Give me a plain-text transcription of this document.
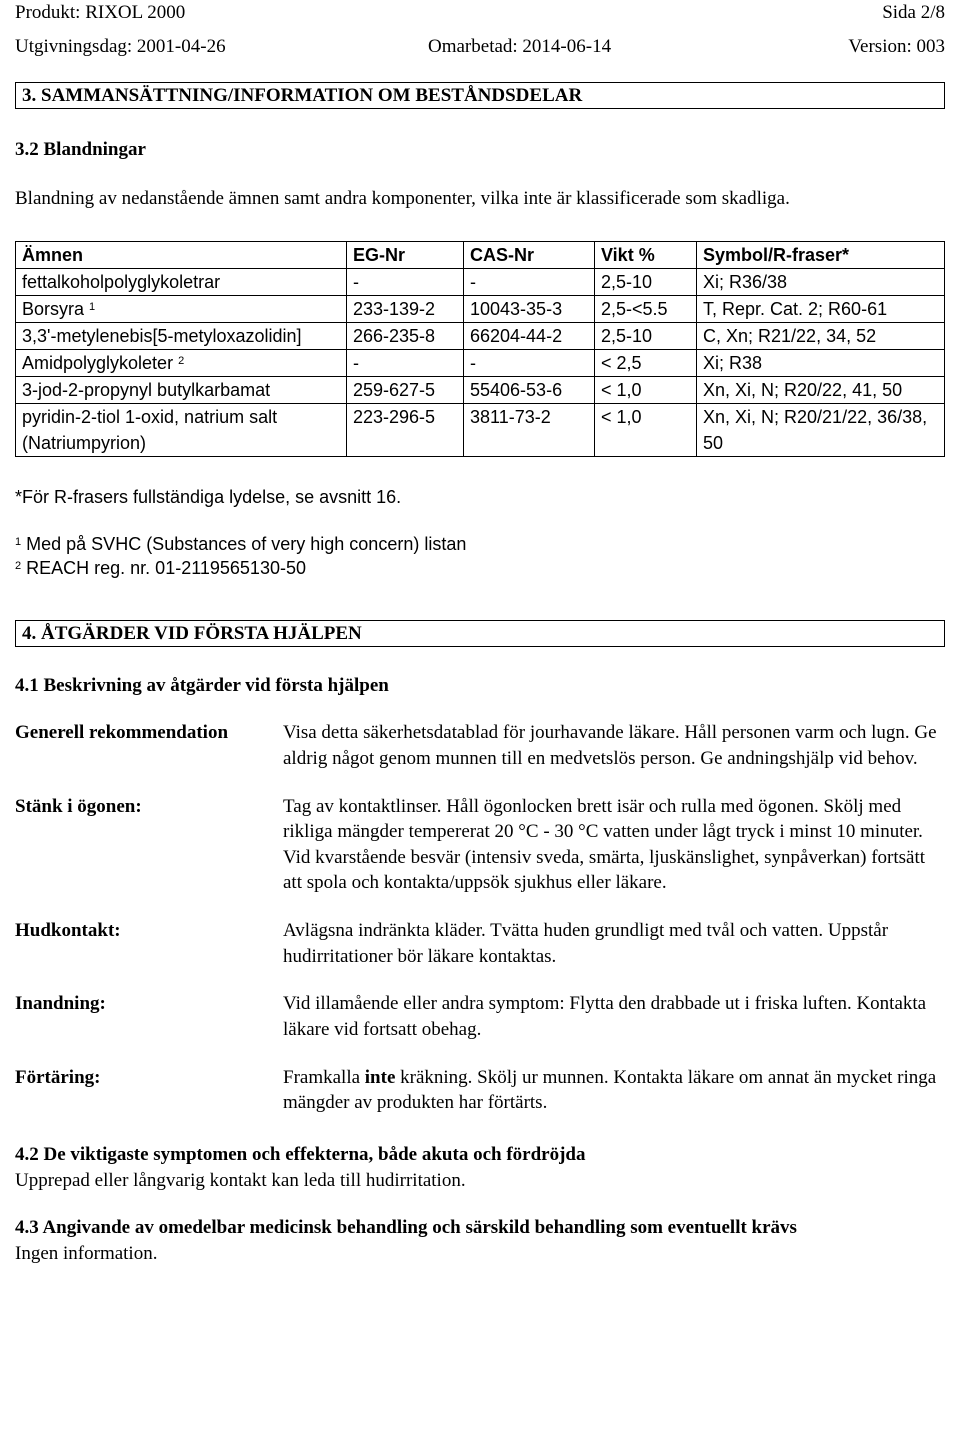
Produkt: RIXOL 2000	Sida 2/8
Utgivningsdag: 2001-04-26	Omarbetad: 2014-06-14	Version: 003
3. SAMMANSÄTTNING/INFORMATION OM BESTÅNDSDELAR
3.2 Blandningar
Blandning av nedanstående ämnen samt andra komponenter, vilka inte är klassificerade som skadliga.
Ämnen	EG-Nr	CAS-Nr	Vikt %	Symbol/R-fraser*
fettalkoholpolyglykoletrar	-	-	2,5-10	Xi; R36/38
Borsyra $^1$	233-139-2	10043-35-3	2,5-<5.5	T, Repr. Cat. 2; R60-61
3,3'-metylenebis[5-metyloxazolidin]	266-235-8	66204-44-2	2,5-10	C, Xn; R21/22, 34, 52
Amidpolyglykoleter $^2$	-	-	< 2,5	Xi; R38
3-jod-2-propynyl butylkarbamat	259-627-5	55406-53-6	< 1,0	Xn, Xi, N; R20/22, 41, 50
pyridin-2-tiol 1-oxid, natrium salt (Natriumpyrion)	223-296-5	3811-73-2	< 1,0	Xn, Xi, N; R20/21/22, 36/38, 50
*För R-frasers fullständiga lydelse, se avsnitt 16.
$^1$ Med på SVHC (Substances of very high concern) listan
$^2$ REACH reg. nr. 01-2119565130-50
4. ÅTGÄRDER VID FÖRSTA HJÄLPEN
4.1 Beskrivning av åtgärder vid första hjälpen
Generell rekommendation	Visa detta säkerhetsdatablad för jourhavande läkare. Håll personen varm och lugn. Ge aldrig något genom munnen till en medvetslös person. Ge andningshjälp vid behov.
Stänk i ögonen:	Tag av kontaktlinser. Håll ögonlocken brett isär och rulla med ögonen. Skölj med rikliga mängder tempererat 20 °C - 30 °C vatten under lågt tryck i minst 10 minuter. Vid kvarstående besvär (intensiv sveda, smärta, ljuskänslighet, synpåverkan) fortsätt att spola och kontakta/uppsök sjukhus eller läkare.
Hudkontakt:	Avlägsna indränkta kläder. Tvätta huden grundligt med tvål och vatten. Uppstår hudirritationer bör läkare kontaktas.
Inandning:	Vid illamående eller andra symptom: Flytta den drabbade ut i friska luften. Kontakta läkare vid fortsatt obehag.
Förtäring:	Framkalla inte kräkning. Skölj ur munnen. Kontakta läkare om annat än mycket ringa mängder av produkten har förtärts.
4.2 De viktigaste symptomen och effekterna, både akuta och fördröjda
Upprepad eller långvarig kontakt kan leda till hudirritation.
4.3 Angivande av omedelbar medicinsk behandling och särskild behandling som eventuellt krävs
Ingen information.
